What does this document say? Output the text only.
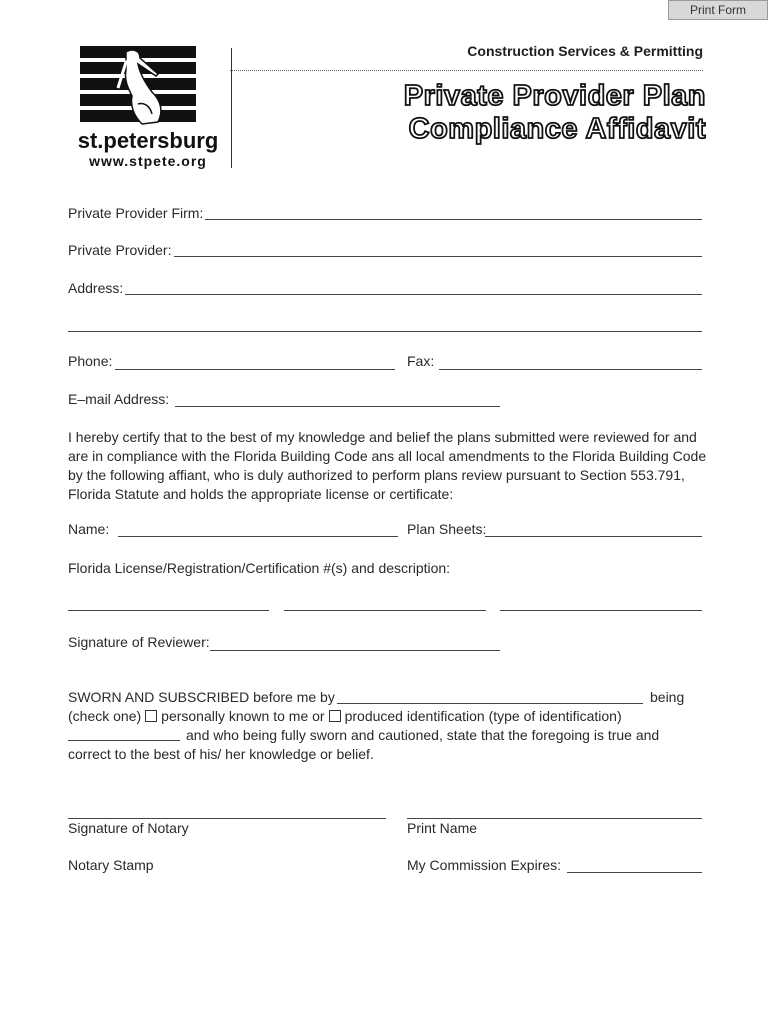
Print Form
st.petersburg
www.stpete.org
Construction Services & Permitting
Private Provider Plan
Compliance Affidavit
Private Provider Firm:
Private Provider:
Address:
Phone:	Fax:
E–mail Address:
I hereby certify that to the best of my knowledge and belief the plans submitted were reviewed for and are in compliance with the Florida Building Code ans all local amendments to the Florida Building Code by the following affiant, who is duly authorized to perform plans review pursuant to Section 553.791, Florida Statute and holds the appropriate license or certificate:
Name:	Plan Sheets:
Florida License/Registration/Certification #(s) and description:
Signature of Reviewer:
SWORN AND SUBSCRIBED before me by	being
(check one) personally known to me or produced identification (type of identification)
and who being fully sworn and cautioned, state that the foregoing is true and
correct to the best of his/ her knowledge or belief.
Signature of Notary	Print Name
Notary Stamp	My Commission Expires:
